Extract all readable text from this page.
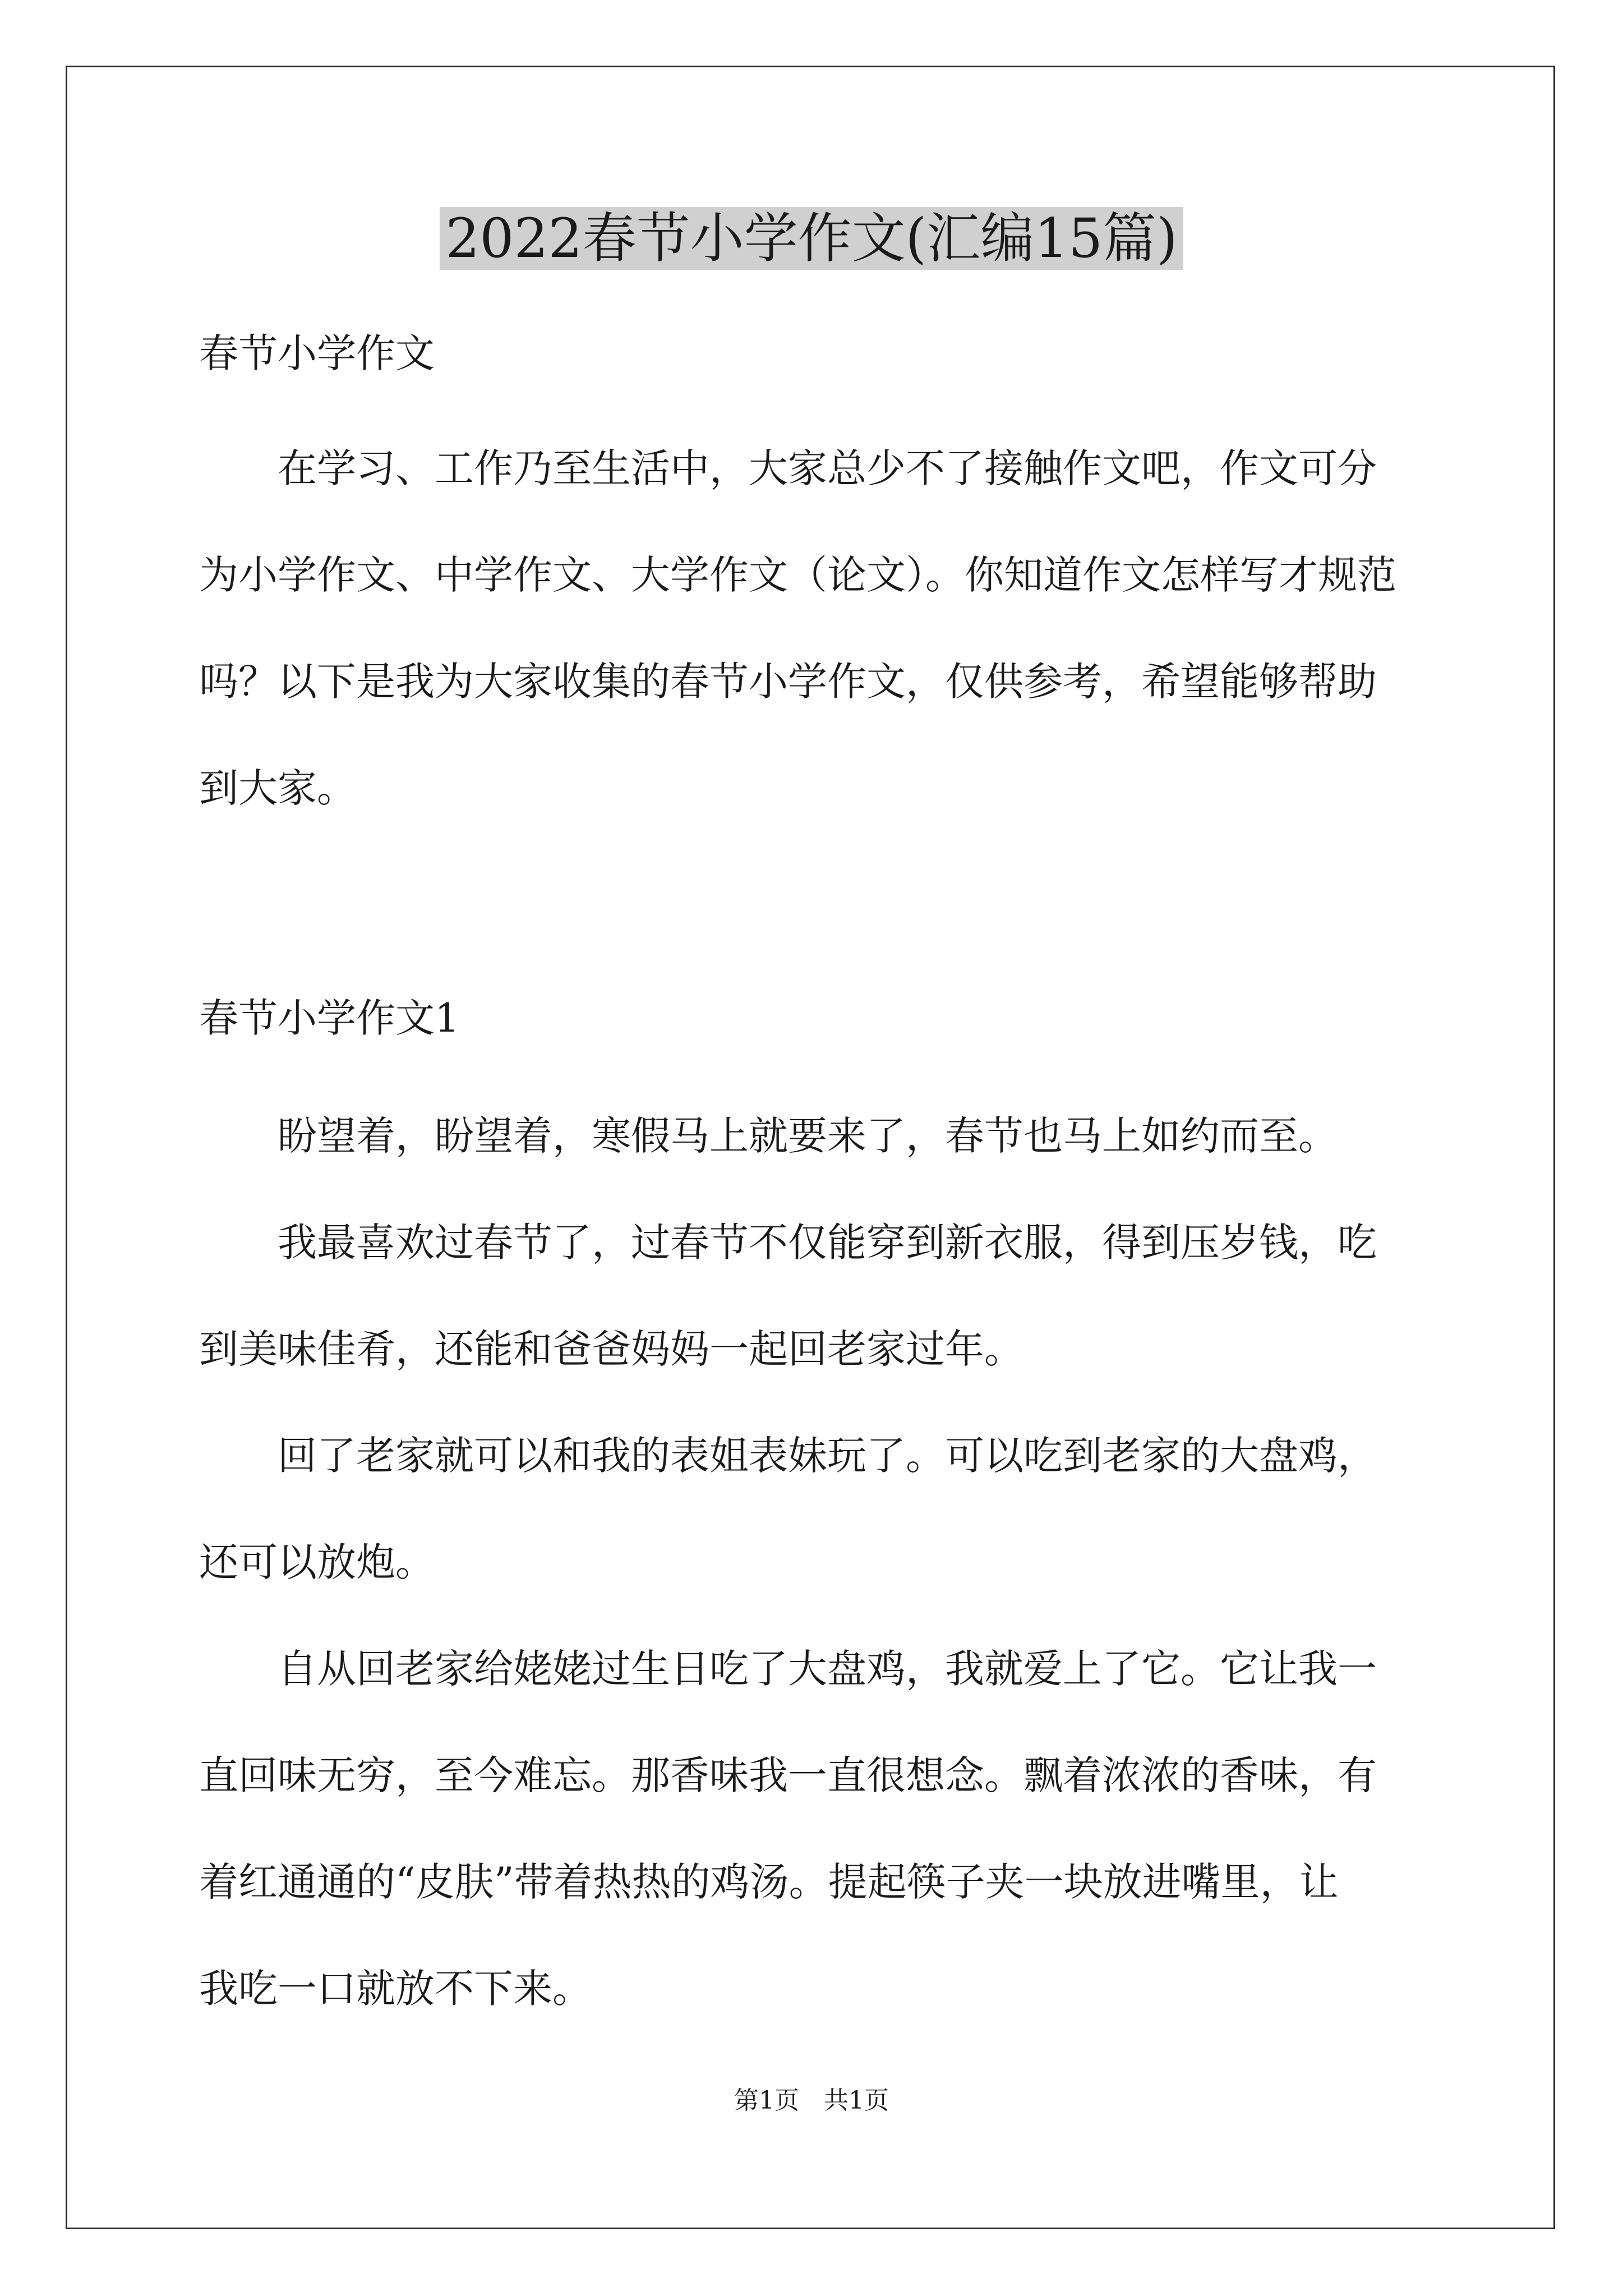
2022春节小学作文(汇编15篇)
春节小学作文
　　在学习、工作乃至生活中，大家总少不了接触作文吧，作文可分
为小学作文、中学作文、大学作文（论文）。你知道作文怎样写才规范
吗？以下是我为大家收集的春节小学作文，仅供参考，希望能够帮助
到大家。
春节小学作文1
　　盼望着，盼望着，寒假马上就要来了，春节也马上如约而至。
　　我最喜欢过春节了，过春节不仅能穿到新衣服，得到压岁钱，吃
到美味佳肴，还能和爸爸妈妈一起回老家过年。
　　回了老家就可以和我的表姐表妹玩了。可以吃到老家的大盘鸡，
还可以放炮。
　　自从回老家给姥姥过生日吃了大盘鸡，我就爱上了它。它让我一
直回味无穷，至今难忘。那香味我一直很想念。飘着浓浓的香味，有
着红通通的“皮肤”带着热热的鸡汤。提起筷子夹一块放进嘴里，让
我吃一口就放不下来。
第1页　共1页
